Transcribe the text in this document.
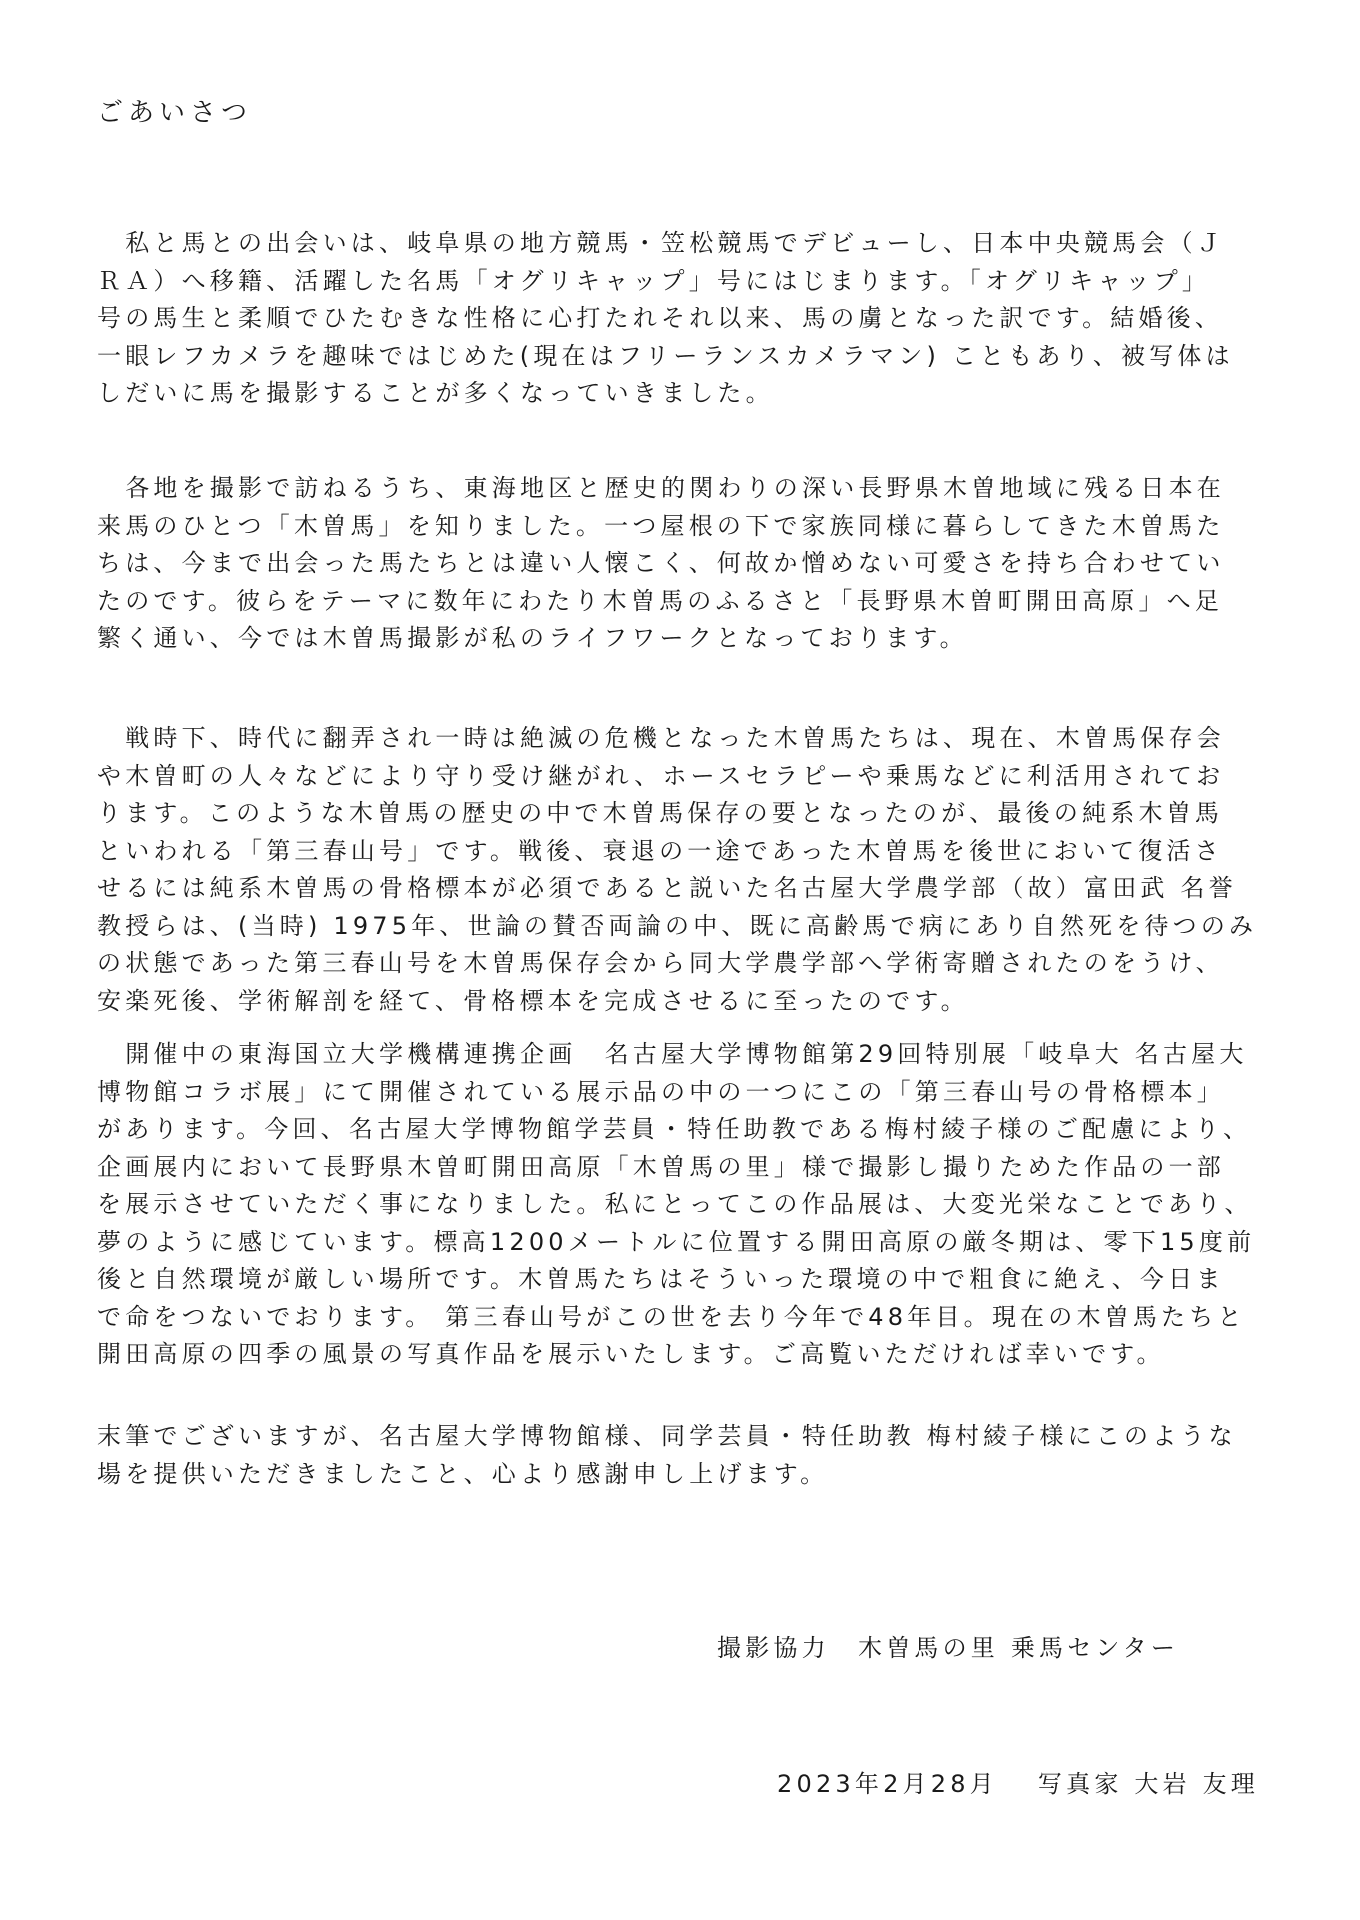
ごあいさつ

　私と馬との出会いは、岐阜県の地方競馬・笠松競馬でデビューし、日本中央競馬会（Ｊ
ＲＡ）へ移籍、活躍した名馬「オグリキャップ」号にはじまります。「オグリキャップ」
号の馬生と柔順でひたむきな性格に心打たれそれ以来、馬の虜となった訳です。結婚後、
一眼レフカメラを趣味ではじめた(現在はフリーランスカメラマン) こともあり、被写体は
しだいに馬を撮影することが多くなっていきました。

　各地を撮影で訪ねるうち、東海地区と歴史的関わりの深い長野県木曽地域に残る日本在
来馬のひとつ「木曽馬」を知りました。一つ屋根の下で家族同様に暮らしてきた木曽馬た
ちは、今まで出会った馬たちとは違い人懐こく、何故か憎めない可愛さを持ち合わせてい
たのです。彼らをテーマに数年にわたり木曽馬のふるさと「長野県木曽町開田高原」へ足
繁く通い、今では木曽馬撮影が私のライフワークとなっております。

　戦時下、時代に翻弄され一時は絶滅の危機となった木曽馬たちは、現在、木曽馬保存会
や木曽町の人々などにより守り受け継がれ、ホースセラピーや乗馬などに利活用されてお
ります。このような木曽馬の歴史の中で木曽馬保存の要となったのが、最後の純系木曽馬
といわれる「第三春山号」です。戦後、衰退の一途であった木曽馬を後世において復活さ
せるには純系木曽馬の骨格標本が必須であると説いた名古屋大学農学部（故）富田武 名誉
教授らは、(当時) 1975年、世論の賛否両論の中、既に高齢馬で病にあり自然死を待つのみ
の状態であった第三春山号を木曽馬保存会から同大学農学部へ学術寄贈されたのをうけ、
安楽死後、学術解剖を経て、骨格標本を完成させるに至ったのです。

　開催中の東海国立大学機構連携企画　名古屋大学博物館第29回特別展「岐阜大 名古屋大
博物館コラボ展」にて開催されている展示品の中の一つにこの「第三春山号の骨格標本」
があります。今回、名古屋大学博物館学芸員・特任助教である梅村綾子様のご配慮により、
企画展内において長野県木曽町開田高原「木曽馬の里」様で撮影し撮りためた作品の一部
を展示させていただく事になりました。私にとってこの作品展は、大変光栄なことであり、
夢のように感じています。標高1200メートルに位置する開田高原の厳冬期は、零下15度前
後と自然環境が厳しい場所です。木曽馬たちはそういった環境の中で粗食に絶え、今日ま
で命をつないでおります。 第三春山号がこの世を去り今年で48年目。現在の木曽馬たちと
開田高原の四季の風景の写真作品を展示いたします。ご高覧いただければ幸いです。

末筆でございますが、名古屋大学博物館様、同学芸員・特任助教 梅村綾子様にこのような
場を提供いただきましたこと、心より感謝申し上げます。

撮影協力　木曽馬の里 乗馬センター
2023年2月28月　 写真家 大岩 友理
